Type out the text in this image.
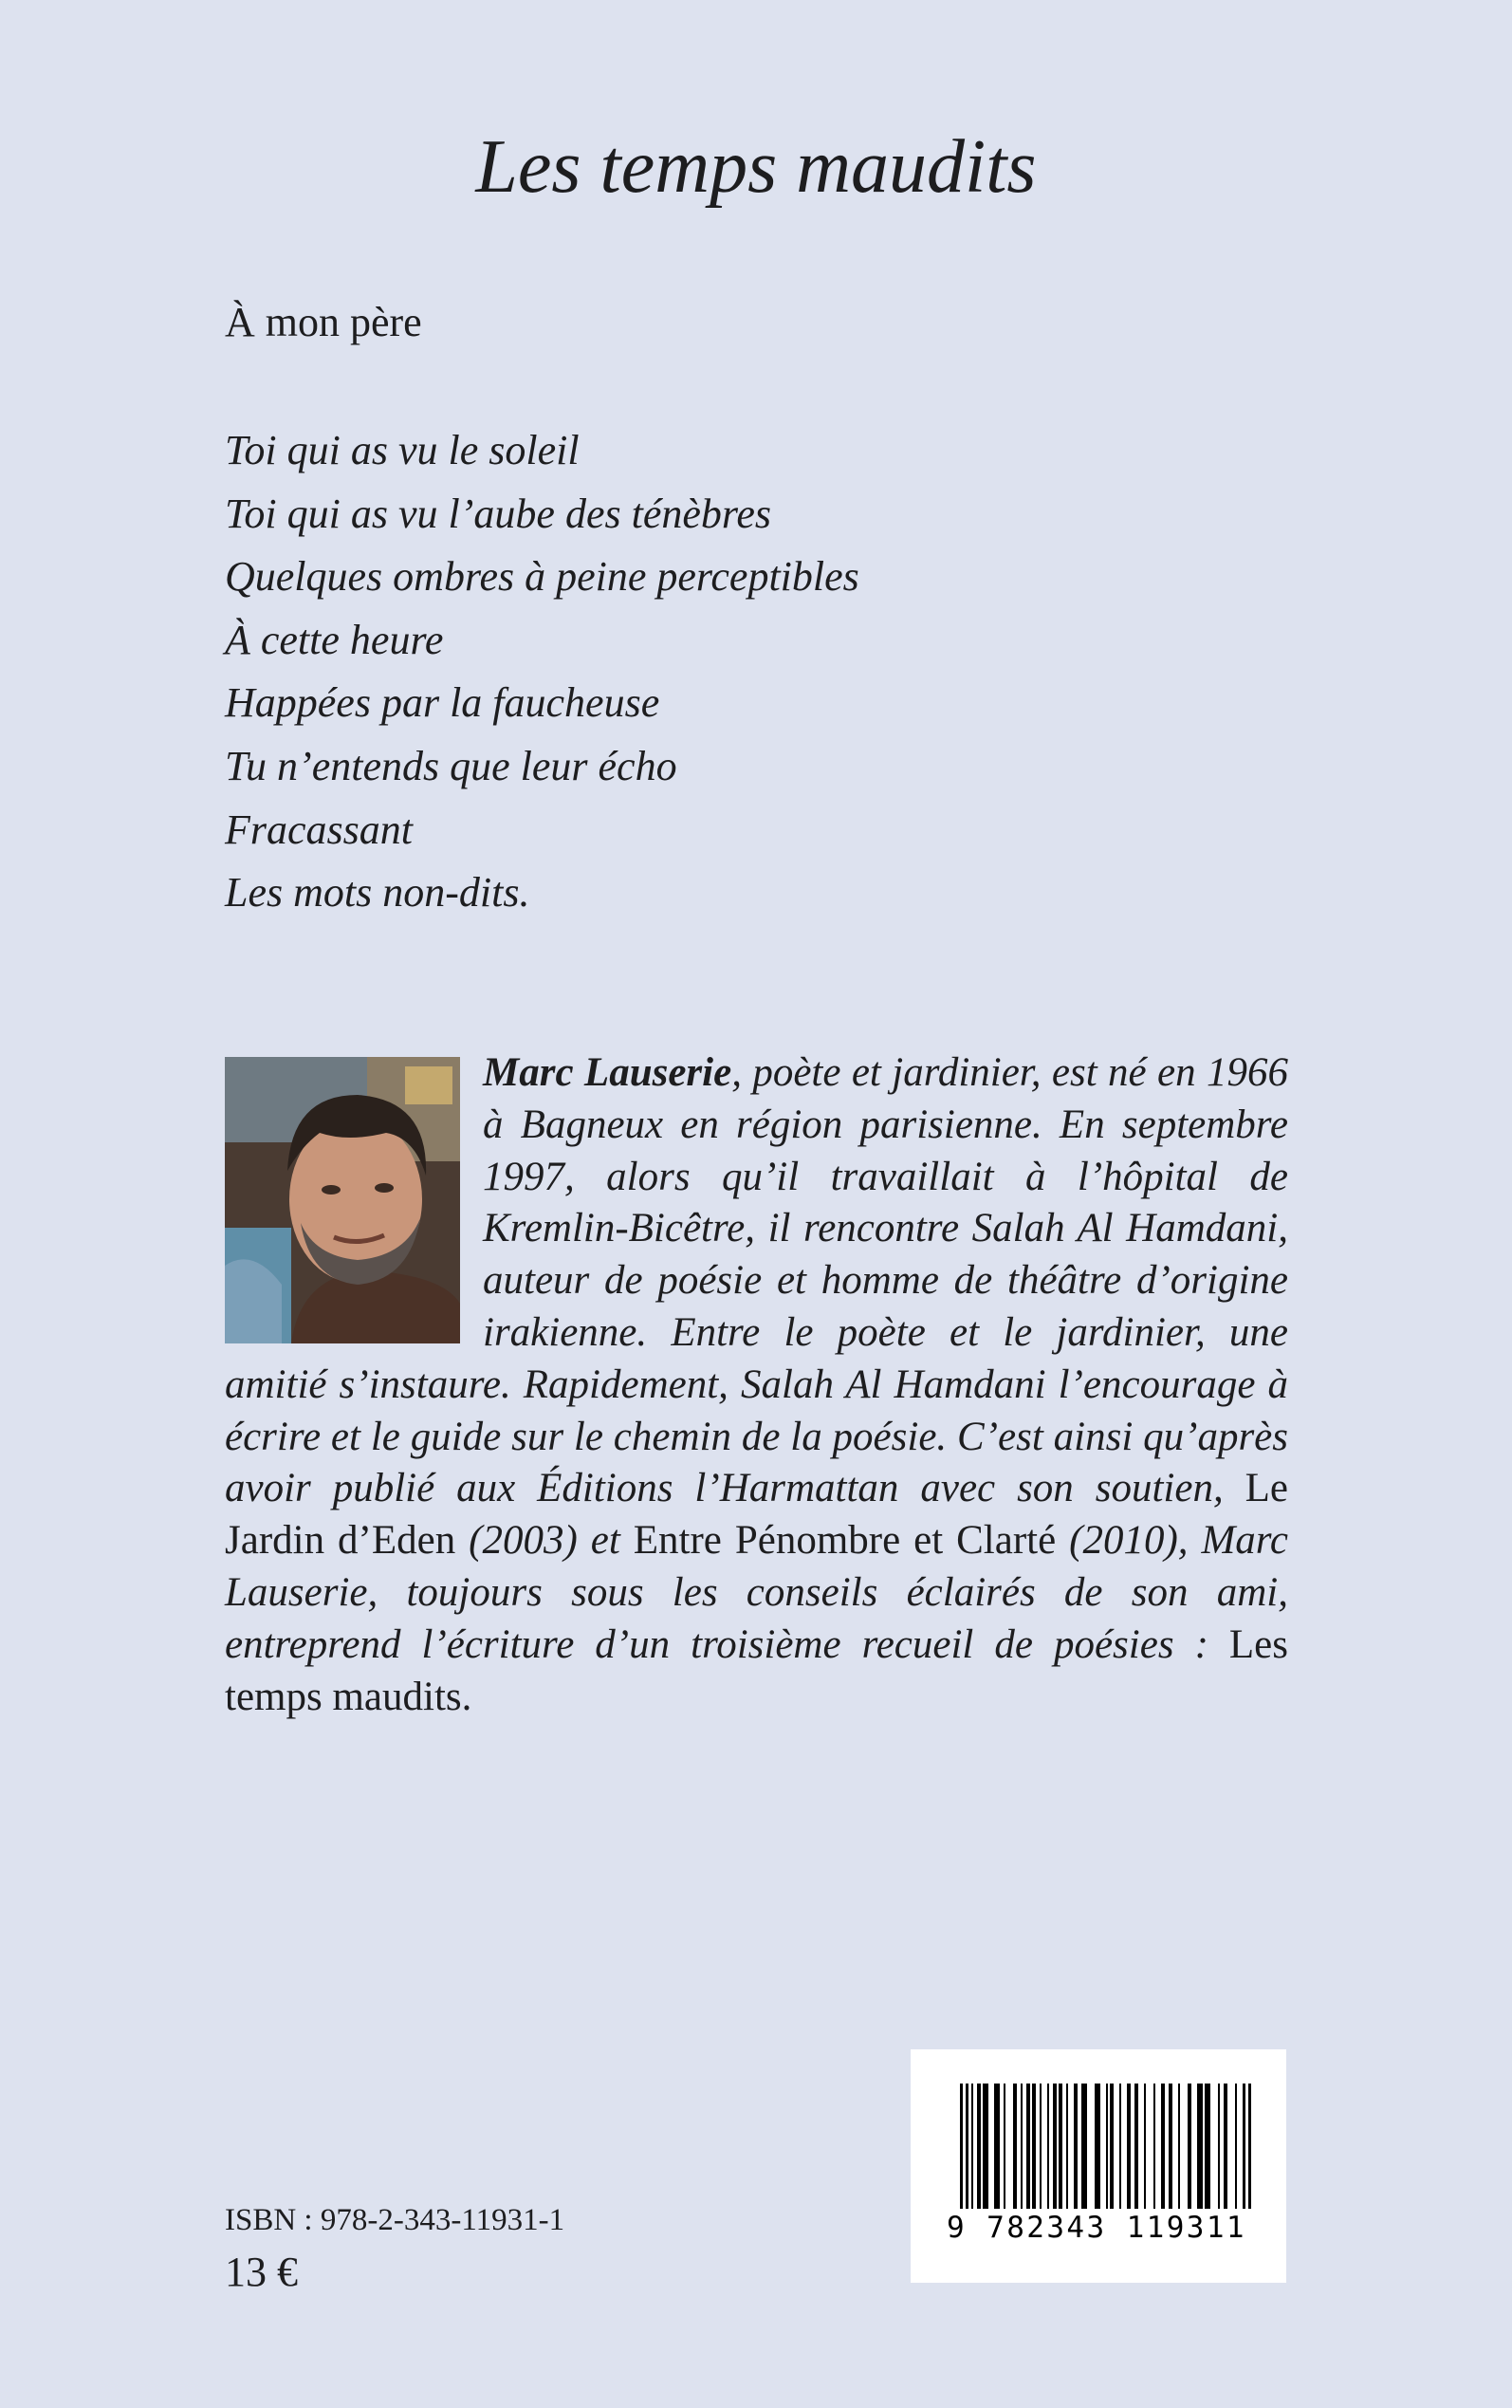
Les temps maudits
À mon père
Toi qui as vu le soleil
Toi qui as vu l’aube des ténèbres
Quelques ombres à peine perceptibles
À cette heure
Happées par la faucheuse
Tu n’entends que leur écho
Fracassant
Les mots non-dits.

Marc Lauserie, poète et jardinier, est né en 1966 à Bagneux en région parisienne. En septembre 1997, alors qu’il travaillait à l’hôpital de Kremlin-Bicêtre, il rencontre Salah Al Hamdani, auteur de poésie et homme de théâtre d’origine irakienne. Entre le poète et le jardinier, une amitié s’instaure. Rapidement, Salah Al Hamdani l’encourage à écrire et le guide sur le chemin de la poésie. C’est ainsi qu’après avoir publié aux Éditions l’Harmattan avec son soutien, Le Jardin d’Eden (2003) et Entre Pénombre et Clarté (2010), Marc Lauserie, toujours sous les conseils éclairés de son ami, entreprend l’écriture d’un troisième recueil de poésies : Les temps maudits.

9 782343 119311
ISBN : 978-2-343-11931-1
13 €
